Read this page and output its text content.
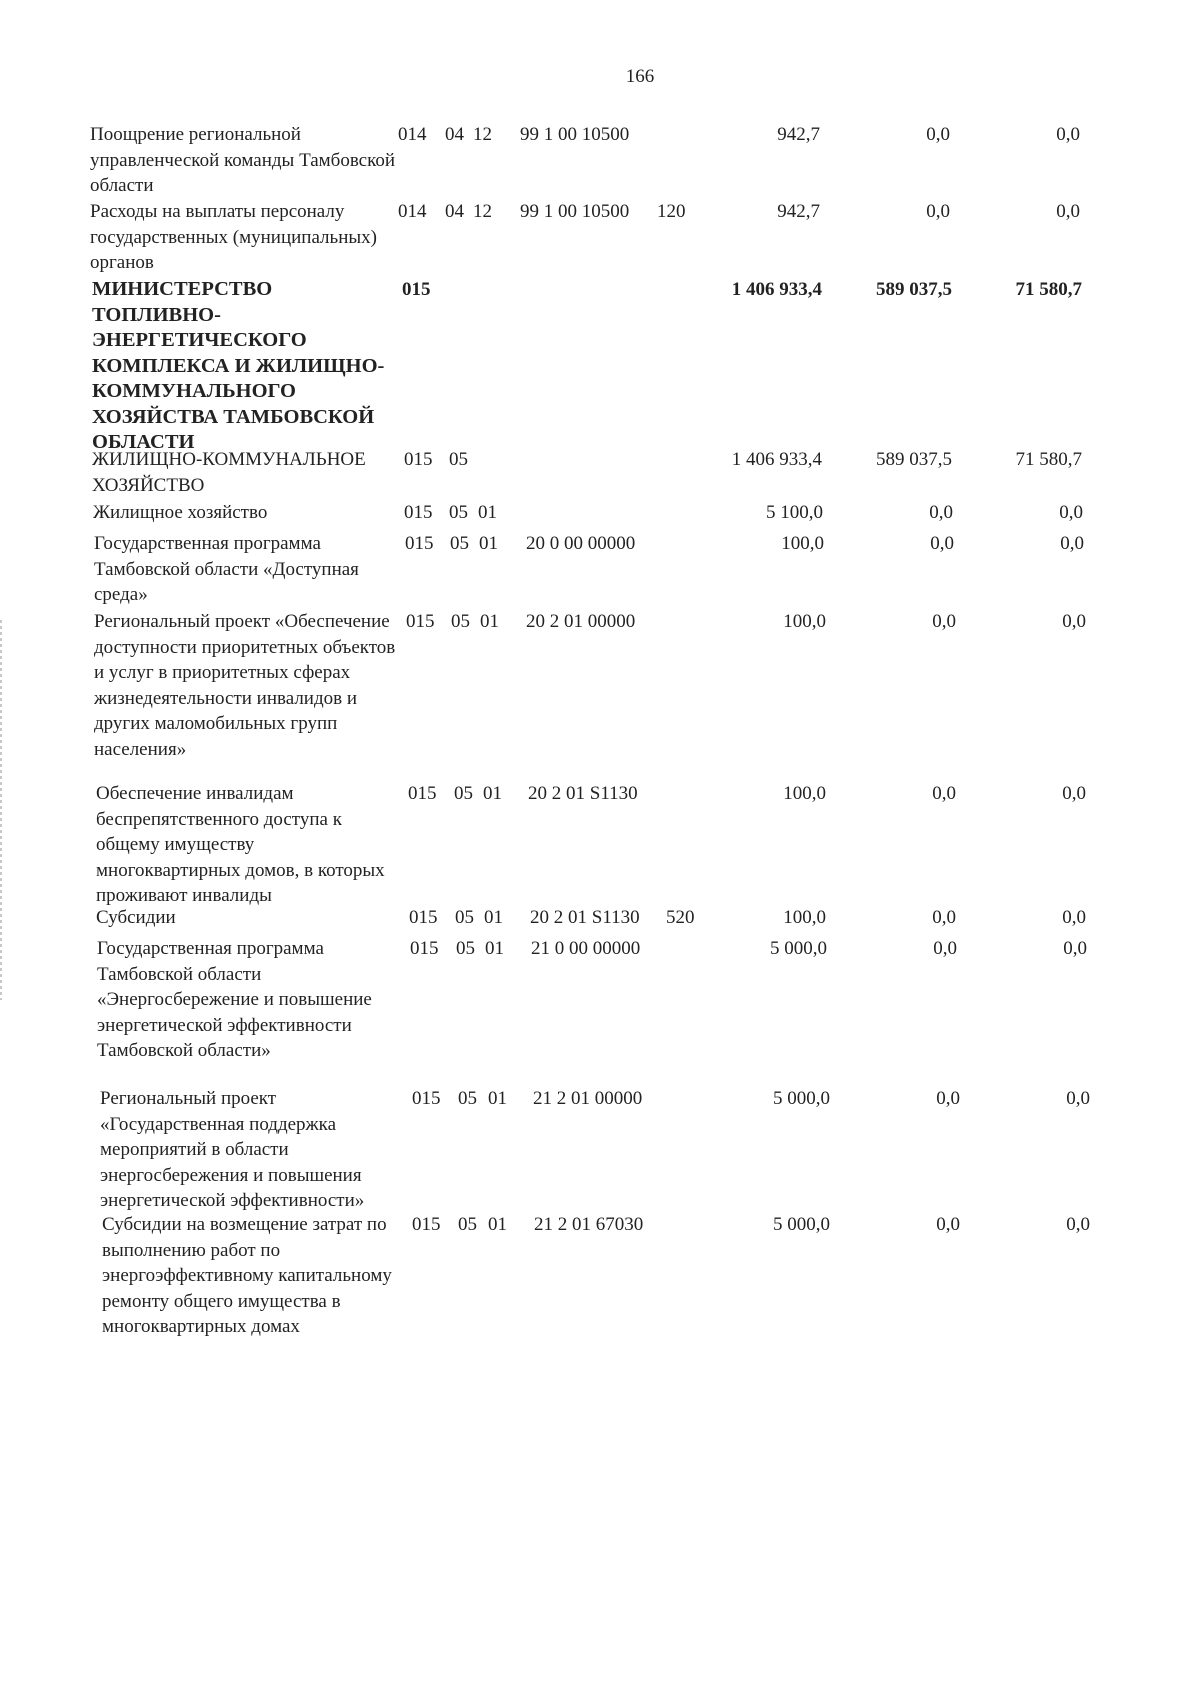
166
Поощрение региональной управленческой команды Тамбовской области
014 04 12 99 1 00 10500	942,7	0,0	0,0
Расходы на выплаты персоналу государственных (муниципальных) органов
014 04 12 99 1 00 10500 120	942,7	0,0	0,0
МИНИСТЕРСТВО ТОПЛИВНО-ЭНЕРГЕТИЧЕСКОГО КОМПЛЕКСА И ЖИЛИЩНО-КОММУНАЛЬНОГО ХОЗЯЙСТВА ТАМБОВСКОЙ ОБЛАСТИ
015	1 406 933,4	589 037,5	71 580,7
ЖИЛИЩНО-КОММУНАЛЬНОЕ ХОЗЯЙСТВО
015 05	1 406 933,4	589 037,5	71 580,7
Жилищное хозяйство	015 05 01	5 100,0	0,0	0,0
Государственная программа Тамбовской области «Доступная среда»
015 05 01 20 0 00 00000	100,0	0,0	0,0
Региональный проект «Обеспечение доступности приоритетных объектов и услуг в приоритетных сферах жизнедеятельности инвалидов и других маломобильных групп населения»
015 05 01 20 2 01 00000	100,0	0,0	0,0
Обеспечение инвалидам беспрепятственного доступа к общему имуществу многоквартирных домов, в которых проживают инвалиды
015 05 01 20 2 01 S1130	100,0	0,0	0,0
Субсидии	015 05 01 20 2 01 S1130 520	100,0	0,0	0,0
Государственная программа Тамбовской области «Энергосбережение и повышение энергетической эффективности Тамбовской области»
015 05 01 21 0 00 00000	5 000,0	0,0	0,0
Региональный проект «Государственная поддержка мероприятий в области энергосбережения и повышения энергетической эффективности»
015 05 01 21 2 01 00000	5 000,0	0,0	0,0
Субсидии на возмещение затрат по выполнению работ по энергоэффективному капитальному ремонту общего имущества в многоквартирных домах
015 05 01 21 2 01 67030	5 000,0	0,0	0,0
